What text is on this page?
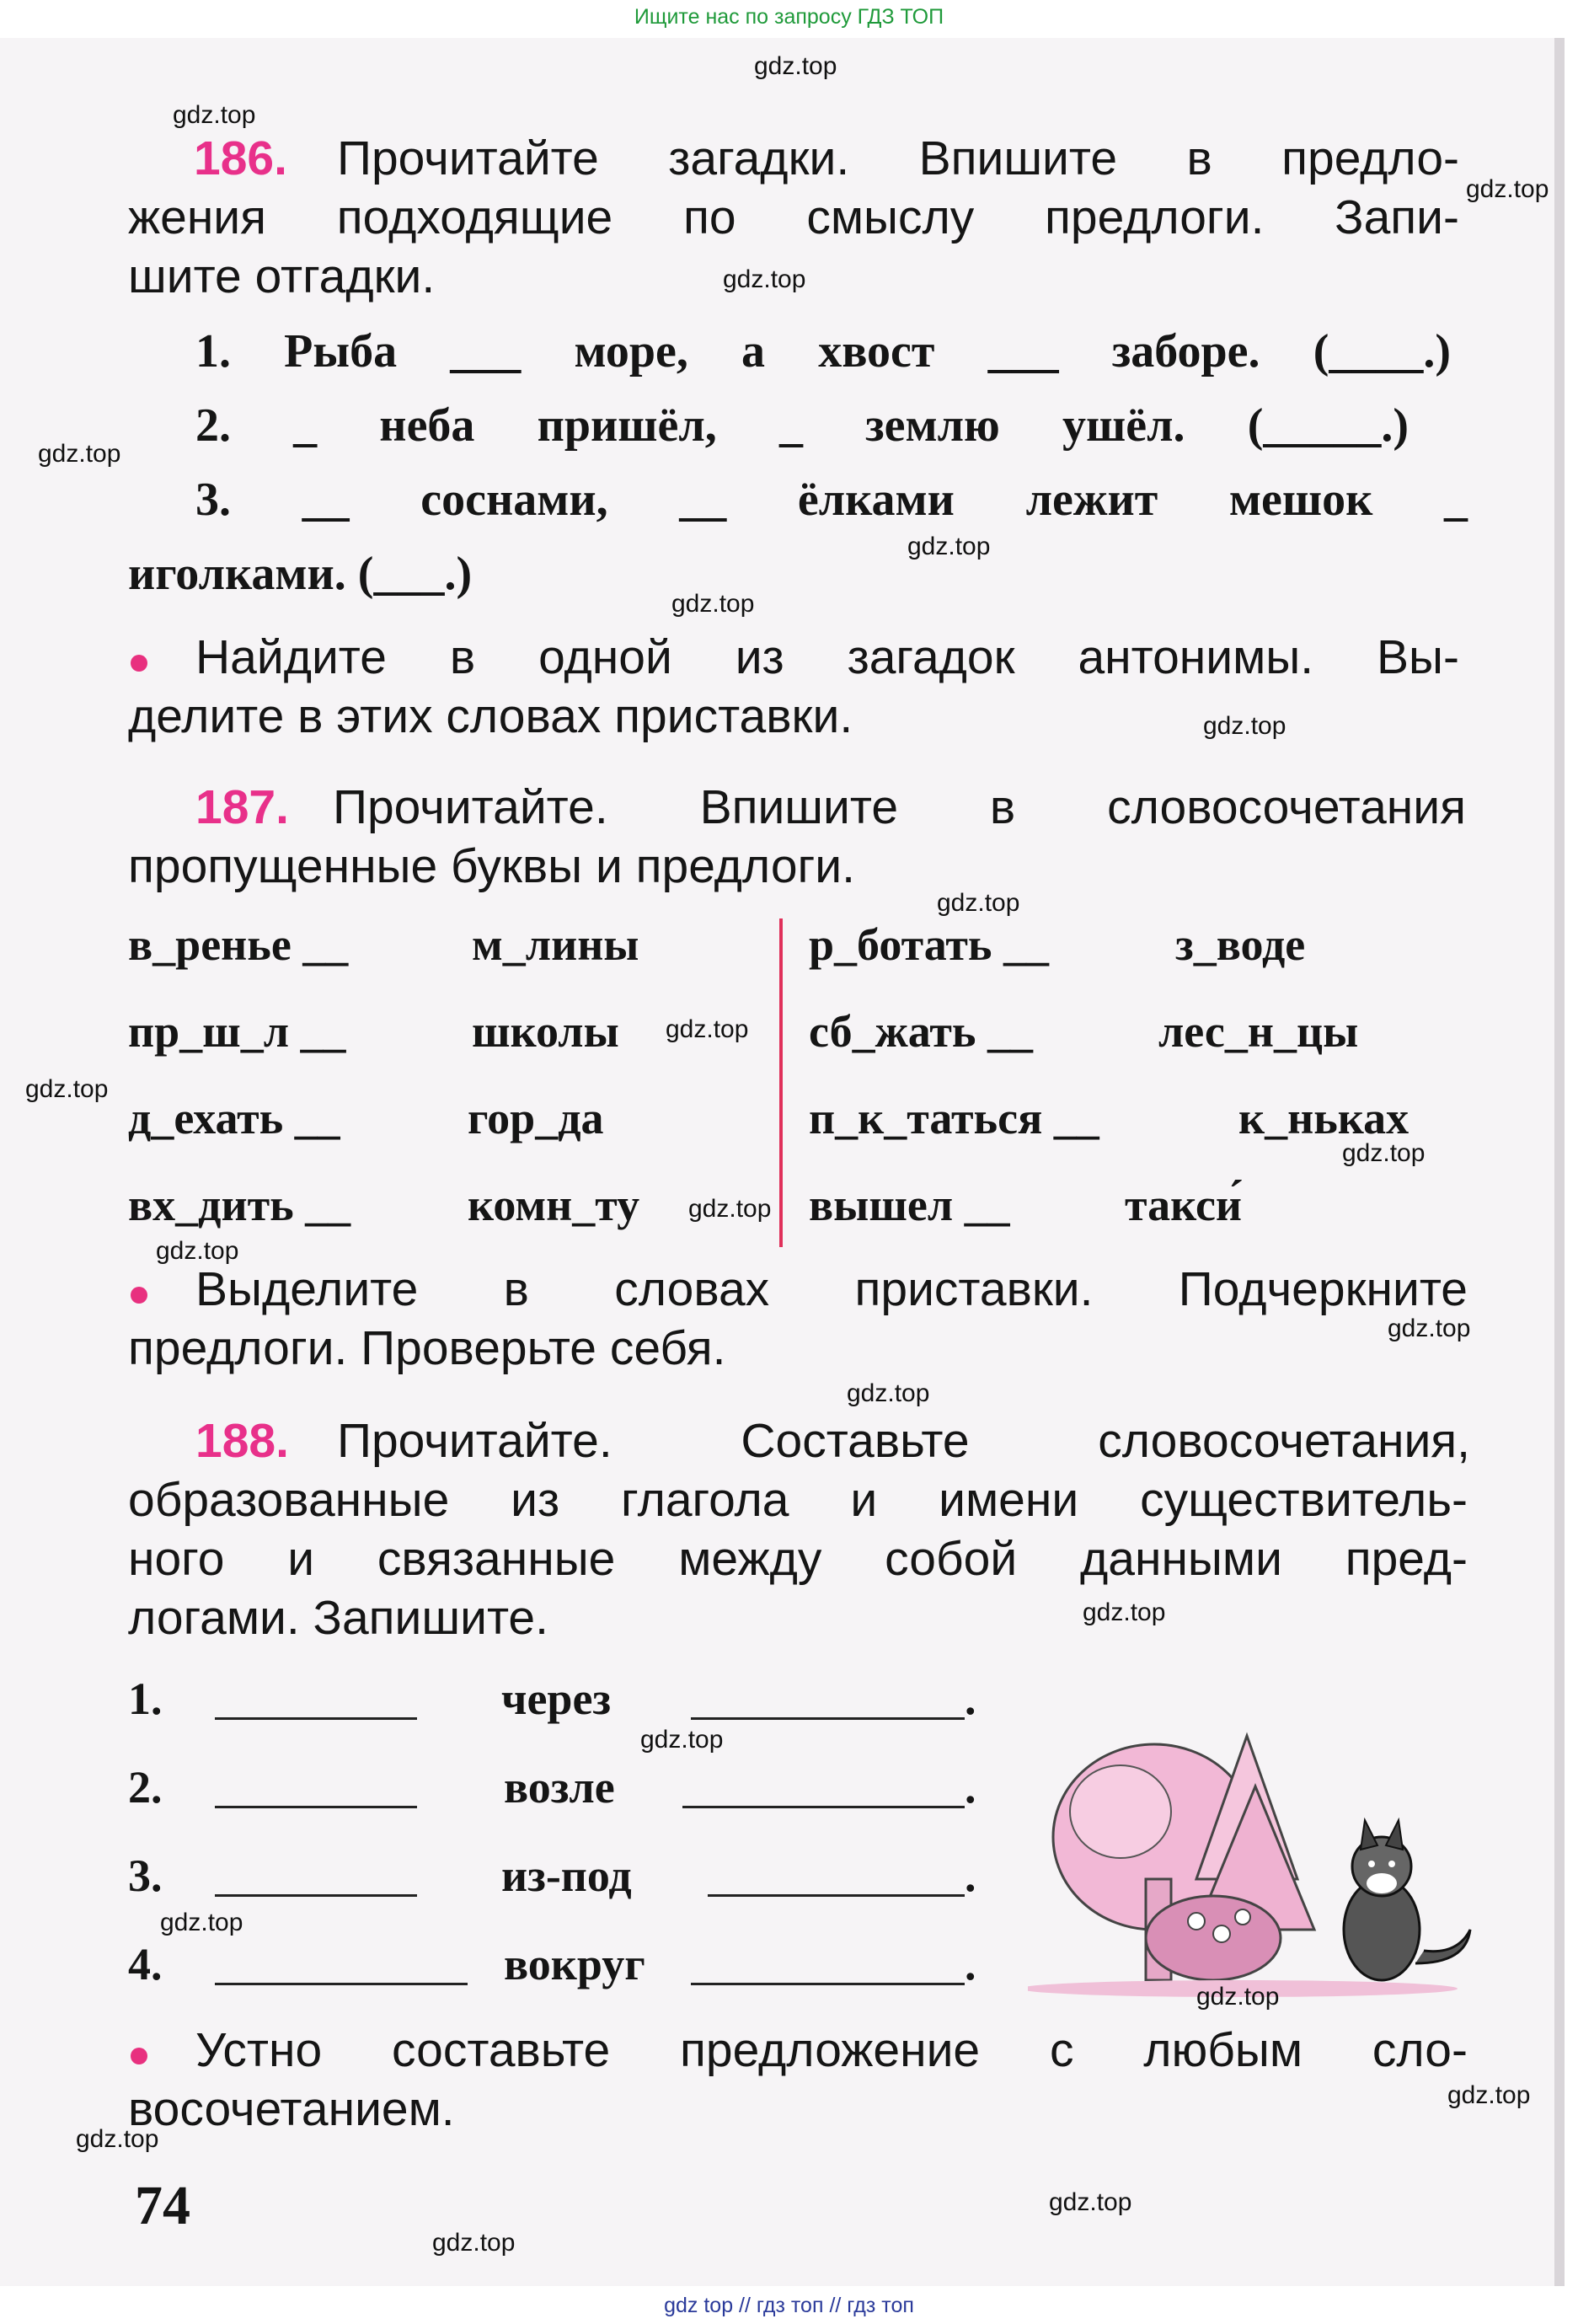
Ищите нас по запросу ГДЗ ТОП
186. Прочитайте загадки. Впишите в предло-
жения подходящие по смыслу предлоги. Запи-
шите отгадки.
1. Рыба ___ море, а хвост ___ заборе. (____.)
2. _ неба пришёл, _ землю ушёл. (_____.)
3. __ соснами, __ ёлками лежит мешок _
иголками. (___.)
Найдите в одной из загадок антонимы. Вы-
делите в этих словах приставки.
187. Прочитайте. Впишите в словосочетания
пропущенные буквы и предлоги.
в_ренье __	м_лины
пр_ш_л __	школы
д_ехать __	гор_да
вх_дить __	комн_ту
р_ботать __	з_воде
сб_жать __	лес_н_цы
п_к_таться __	к_ньках
вышел __	такси́
Выделите в словах приставки. Подчеркните
предлоги. Проверьте себя.
188. Прочитайте. Составьте словосочетания,
образованные из глагола и имени существитель-
ного и связанные между собой данными пред-
логами. Запишите.
1.	через	.
2.	возле	.
3.	из-под	.
4.	вокруг	.
Устно составьте предложение с любым сло-
восочетанием.
74
gdz.top
gdz.top
gdz.top
gdz.top
gdz.top
gdz.top
gdz.top
gdz.top
gdz.top
gdz.top
gdz.top
gdz.top
gdz.top
gdz.top
gdz.top
gdz.top
gdz.top
gdz.top
gdz.top
gdz.top
gdz.top
gdz.top
gdz.top
gdz.top
gdz top // гдз топ // гдз топ
